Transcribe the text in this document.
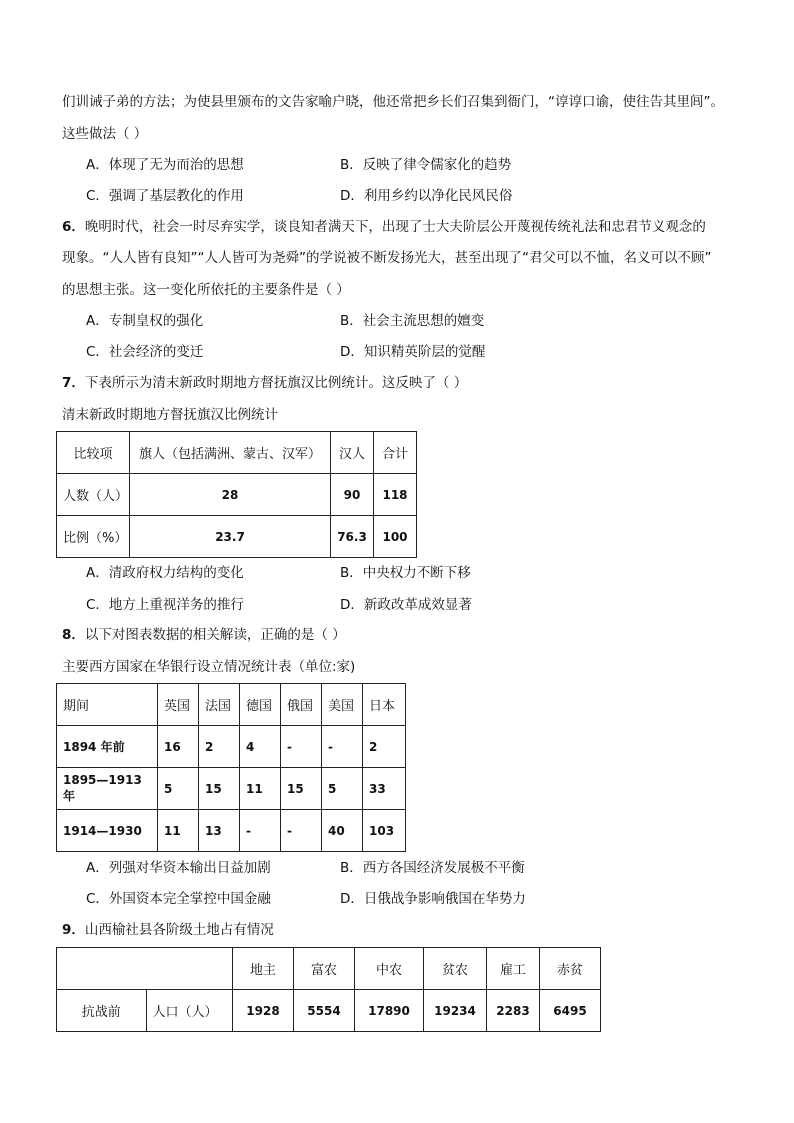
们训诫子弟的方法；为使县里颁布的文告家喻户晓，他还常把乡长们召集到衙门，“谆谆口谕，使往告其里闾”。
这些做法（ ）
A．体现了无为而治的思想	B．反映了律令儒家化的趋势
C．强调了基层教化的作用	D．利用乡约以净化民风民俗
6．晚明时代，社会一时尽弃实学，谈良知者满天下，出现了士大夫阶层公开蔑视传统礼法和忠君节义观念的
现象。“人人皆有良知”“人人皆可为尧舜”的学说被不断发扬光大，甚至出现了“君父可以不恤，名义可以不顾”
的思想主张。这一变化所依托的主要条件是（ ）
A．专制皇权的强化	B．社会主流思想的嬗变
C．社会经济的变迁	D．知识精英阶层的觉醒
7．下表所示为清末新政时期地方督抚旗汉比例统计。这反映了（ ）
清末新政时期地方督抚旗汉比例统计
比较项	旗人（包括满洲、蒙古、汉军）	汉人	合计
人数（人）	28	90	118
比例（%）	23.7	76.3	100
A．清政府权力结构的变化	B．中央权力不断下移
C．地方上重视洋务的推行	D．新政改革成效显著
8．以下对图表数据的相关解读，正确的是（ ）
主要西方国家在华银行设立情况统计表（单位:家)
期间	英国	法国	德国	俄国	美国	日本
1894 年前	16	2	4	-	-	2
1895—1913 年	5	15	11	15	5	33
1914—1930	11	13	-	-	40	103
A．列强对华资本输出日益加剧	B．西方各国经济发展极不平衡
C．外国资本完全掌控中国金融	D．日俄战争影响俄国在华势力
9．山西榆社县各阶级土地占有情况
		地主	富农	中农	贫农	雇工	赤贫
抗战前	人口（人）	1928	5554	17890	19234	2283	6495
